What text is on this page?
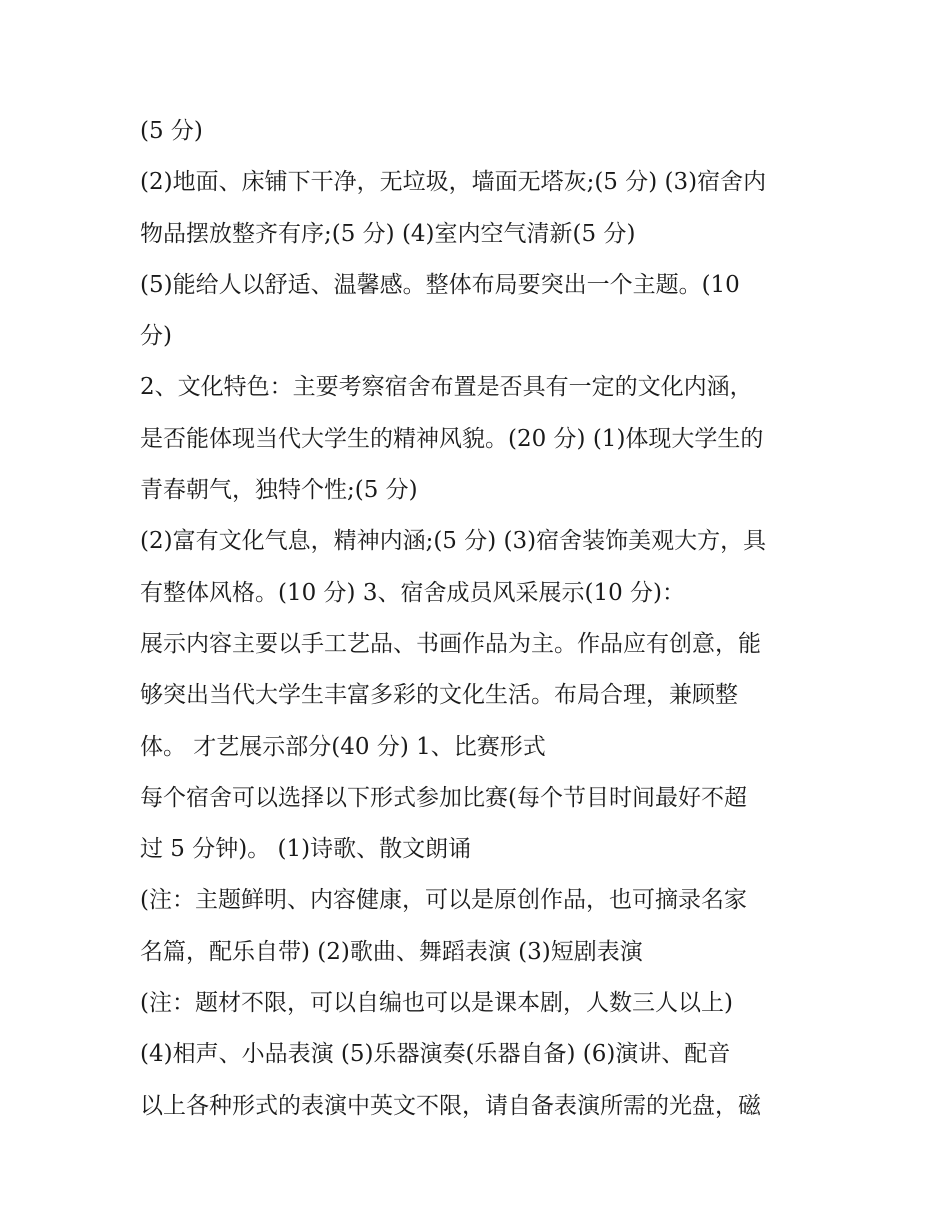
(5 分)
(2)地面、床铺下干净，无垃圾，墙面无塔灰;(5 分) (3)宿舍内
物品摆放整齐有序;(5 分) (4)室内空气清新(5 分)
(5)能给人以舒适、温馨感。整体布局要突出一个主题。(10
分)
2、文化特色：主要考察宿舍布置是否具有一定的文化内涵，
是否能体现当代大学生的精神风貌。(20 分) (1)体现大学生的
青春朝气，独特个性;(5 分)
(2)富有文化气息，精神内涵;(5 分) (3)宿舍装饰美观大方，具
有整体风格。(10 分) 3、宿舍成员风采展示(10 分)：
展示内容主要以手工艺品、书画作品为主。作品应有创意，能
够突出当代大学生丰富多彩的文化生活。布局合理，兼顾整
体。 才艺展示部分(40 分) 1、比赛形式
每个宿舍可以选择以下形式参加比赛(每个节目时间最好不超
过 5 分钟)。 (1)诗歌、散文朗诵
(注：主题鲜明、内容健康，可以是原创作品，也可摘录名家
名篇，配乐自带) (2)歌曲、舞蹈表演 (3)短剧表演
(注：题材不限，可以自编也可以是课本剧，人数三人以上)
(4)相声、小品表演 (5)乐器演奏(乐器自备) (6)演讲、配音
以上各种形式的表演中英文不限，请自备表演所需的光盘，磁
